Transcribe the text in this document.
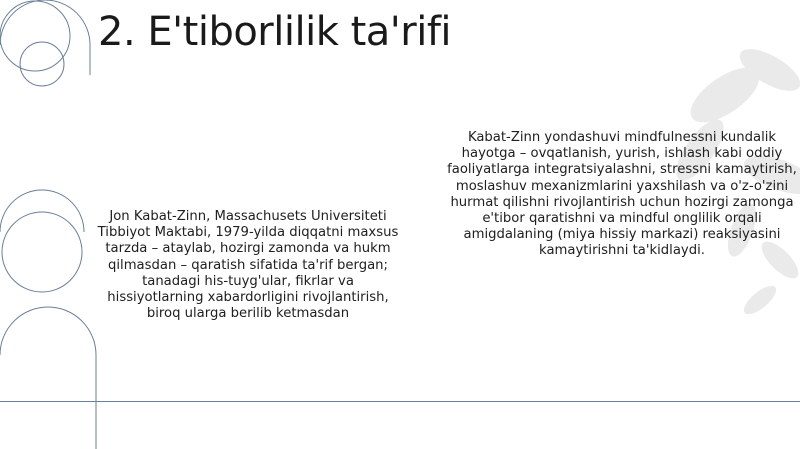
2. E'tiborlilik ta'rifi
Jon Kabat-Zinn, Massachusets Universiteti Tibbiyot Maktabi, 1979-yilda diqqatni maxsus tarzda – ataylab, hozirgi zamonda va hukm qilmasdan – qaratish sifatida ta'rif bergan; tanadagi his-tuyg'ular, fikrlar va hissiyotlarning xabardorligini rivojlantirish, biroq ularga berilib ketmasdan
Kabat-Zinn yondashuvi mindfulnessni kundalik hayotga – ovqatlanish, yurish, ishlash kabi oddiy faoliyatlarga integratsiyalashni, stressni kamaytirish, moslashuv mexanizmlarini yaxshilash va o'z-o'zini hurmat qilishni rivojlantirish uchun hozirgi zamonga e'tibor qaratishni va mindful onglilik orqali amigdalaning (miya hissiy markazi) reaksiyasini kamaytirishni ta'kidlaydi.
